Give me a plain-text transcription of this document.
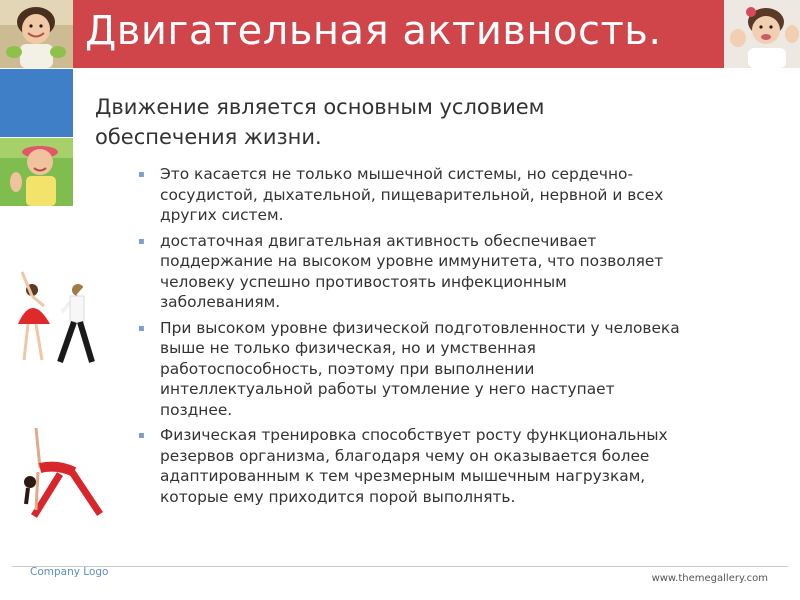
Двигательная активность.
Движение является основным условием
обеспечения жизни.
▪ Это касается не только мышечной системы, но сердечно-
сосудистой, дыхательной, пищеварительной, нервной и всех
других систем.
▪ достаточная двигательная активность обеспечивает
поддержание на высоком уровне иммунитета, что позволяет
человеку успешно противостоять инфекционным
заболеваниям.
▪ При высоком уровне физической подготовленности у человека
выше не только физическая, но и умственная
работоспособность, поэтому при выполнении
интеллектуальной работы утомление у него наступает
позднее.
▪ Физическая тренировка способствует росту функциональных
резервов организма, благодаря чему он оказывается более
адаптированным к тем чрезмерным мышечным нагрузкам,
которые ему приходится порой выполнять.
Company Logo
www.themegallery.com
